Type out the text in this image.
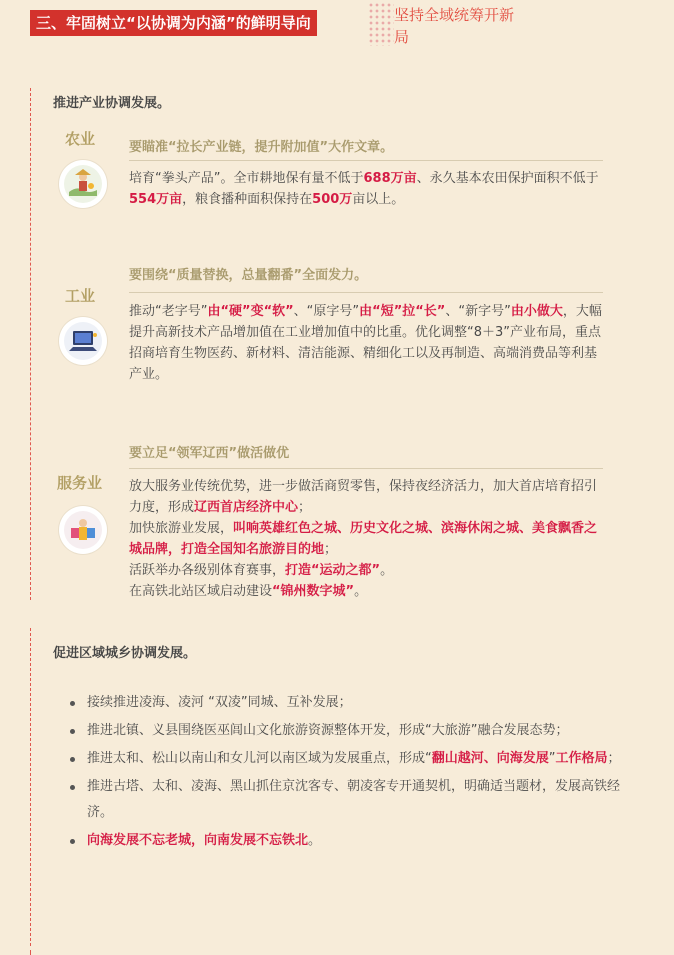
三、牢固树立“以协调为内涵”的鲜明导向	坚持全域统筹开新局
推进产业协调发展。
农业	要瞄准“拉长产业链，提升附加值”大作文章。
培育“拳头产品”。全市耕地保有量不低于688万亩、永久基本农田保护面积不低于554万亩，粮食播种面积保持在500万亩以上。
工业
要围绕“质量替换，总量翻番”全面发力。
推动“老字号”由“硬”变“软”、“原字号”由“短”拉“长”、“新字号”由小做大，大幅提升高新技术产品增加值在工业增加值中的比重。优化调整“8＋3”产业布局，重点招商培育生物医药、新材料、清洁能源、精细化工以及再制造、高端消费品等利基产业。
服务业
要立足“领军辽西”做活做优
放大服务业传统优势，进一步做活商贸零售，保持夜经济活力，加大首店培育招引力度，形成辽西首店经济中心；
加快旅游业发展，叫响英雄红色之城、历史文化之城、滨海休闲之城、美食飘香之城品牌，打造全国知名旅游目的地；
活跃举办各级别体育赛事，打造“运动之都”。
在高铁北站区域启动建设“锦州数字城”。
促进区域城乡协调发展。
接续推进凌海、凌河 “双凌”同城、互补发展；
推进北镇、义县围绕医巫闾山文化旅游资源整体开发，形成“大旅游”融合发展态势；
推进太和、松山以南山和女儿河以南区域为发展重点，形成“翻山越河、向海发展”工作格局；
推进古塔、太和、凌海、黑山抓住京沈客专、朝凌客专开通契机，明确适当题材，发展高铁经济。
向海发展不忘老城，向南发展不忘铁北。
